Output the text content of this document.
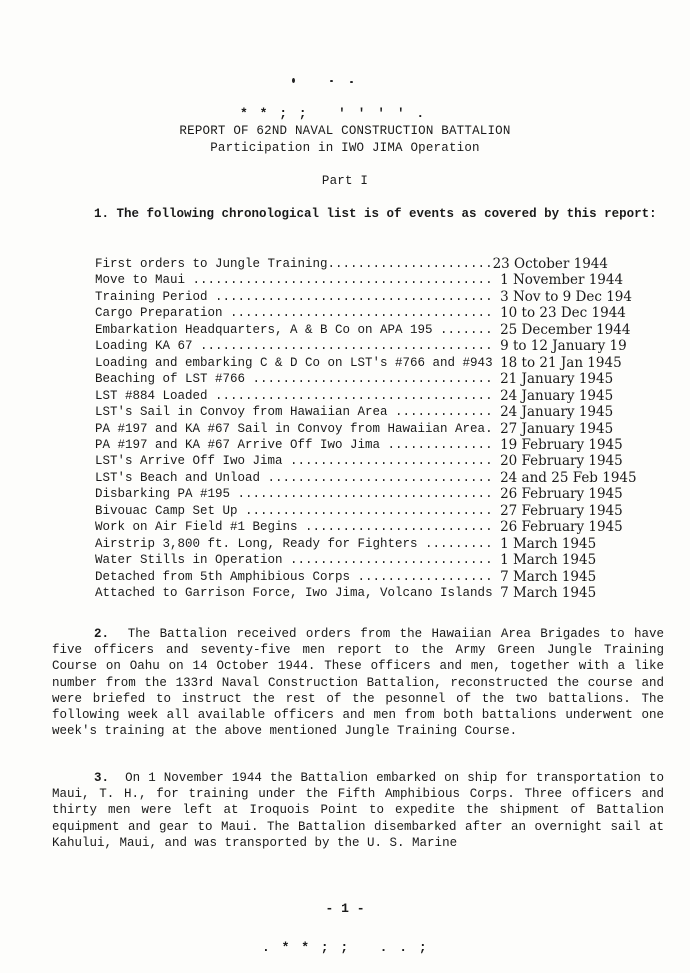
* * ; ;   ' ' ' ' .
REPORT OF 62ND NAVAL CONSTRUCTION BATTALION
Participation in IWO JIMA Operation
Part I
1. The following chronological list is of events as covered by this report:
First orders to Jungle Training...................... 23 October 1944
Move to Maui ........................................ 1 November 1944
Training Period ..................................... 3 Nov to 9 Dec 194
Cargo Preparation ................................... 10 to 23 Dec 1944
Embarkation Headquarters, A & B Co on APA 195 ....... 25 December 1944
Loading KA 67 ....................................... 9 to 12 January 19
Loading and embarking C & D Co on LST's #766 and #943 18 to 21 Jan 1945
Beaching of LST #766 ................................ 21 January 1945
LST #884 Loaded ..................................... 24 January 1945
LST's Sail in Convoy from Hawaiian Area ............. 24 January 1945
PA #197 and KA #67 Sail in Convoy from Hawaiian Area. 27 January 1945
PA #197 and KA #67 Arrive Off Iwo Jima .............. 19 February 1945
LST's Arrive Off Iwo Jima ........................... 20 February 1945
LST's Beach and Unload .............................. 24 and 25 Feb 1945
Disbarking PA #195 .................................. 26 February 1945
Bivouac Camp Set Up ................................. 27 February 1945
Work on Air Field #1 Begins ......................... 26 February 1945
Airstrip 3,800 ft. Long, Ready for Fighters ......... 1 March 1945
Water Stills in Operation ........................... 1 March 1945
Detached from 5th Amphibious Corps .................. 7 March 1945
Attached to Garrison Force, Iwo Jima, Volcano Islands 7 March 1945
2. The Battalion received orders from the Hawaiian Area Brigades to have five officers and seventy-five men report to the Army Green Jungle Training Course on Oahu on 14 October 1944. These officers and men, together with a like number from the 133rd Naval Construction Battalion, reconstructed the course and were briefed to instruct the rest of the pesonnel of the two battalions. The following week all available officers and men from both battalions underwent one week's training at the above mentioned Jungle Training Course.
3. On 1 November 1944 the Battalion embarked on ship for transportation to Maui, T. H., for training under the Fifth Amphibious Corps. Three officers and thirty men were left at Iroquois Point to expedite the shipment of Battalion equipment and gear to Maui. The Battalion disembarked after an overnight sail at Kahului, Maui, and was transported by the U. S. Marine
- 1 -
. * * ; ;   . . ;
